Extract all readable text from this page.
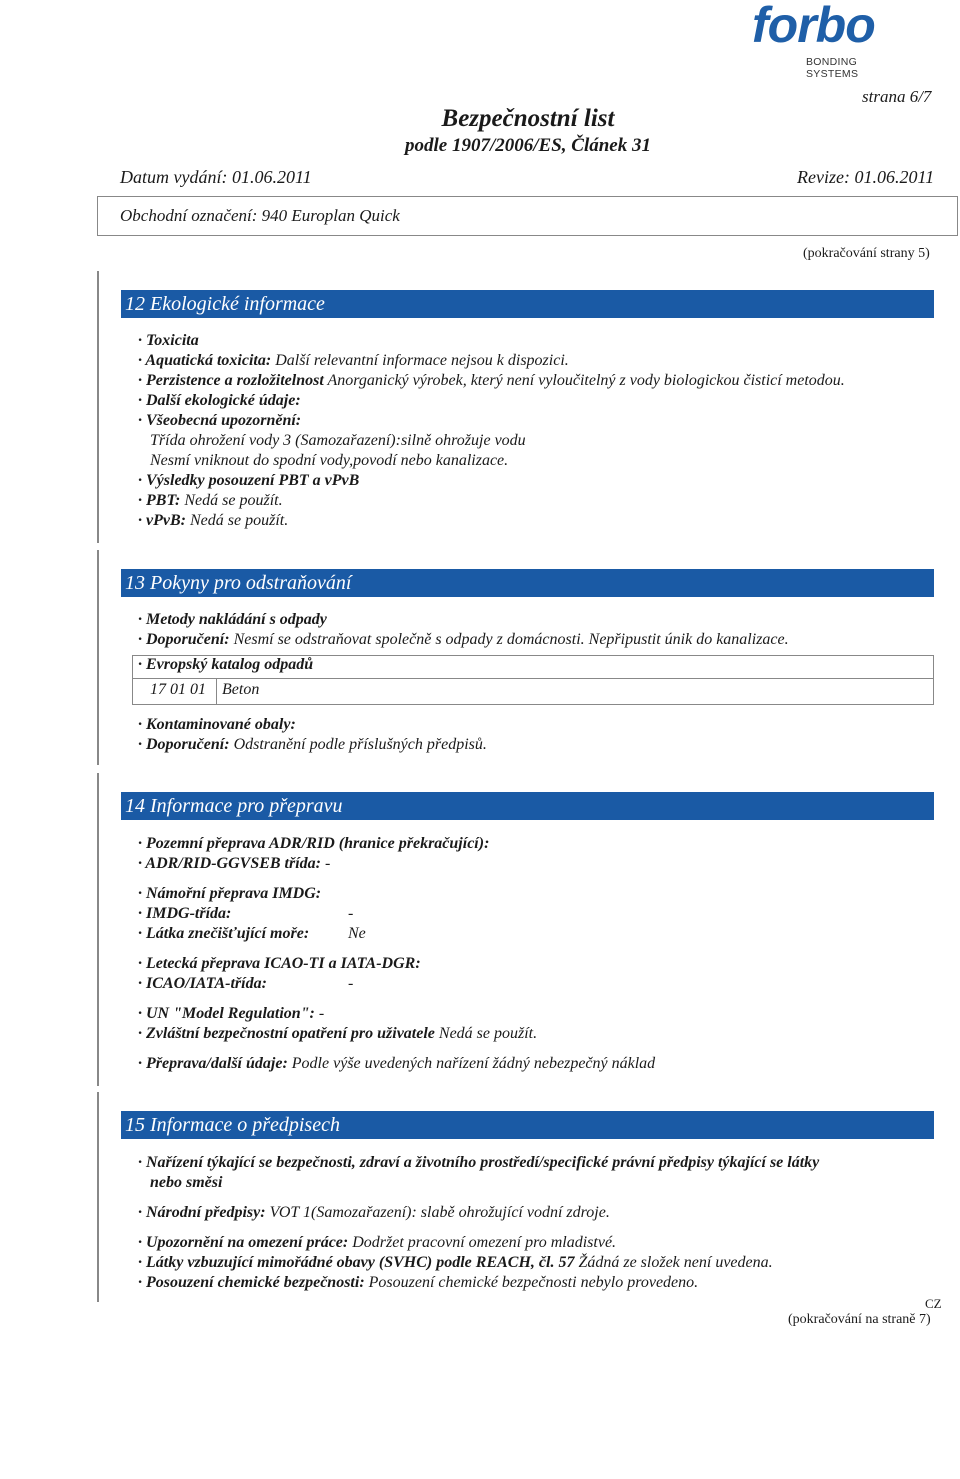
forbo
BONDING SYSTEMS
strana 6/7
Bezpečnostní list
podle 1907/2006/ES, Článek 31
Datum vydání: 01.06.2011	Revize: 01.06.2011
Obchodní označení: 940 Europlan Quick
(pokračování strany 5)
12 Ekologické informace
· Toxicita
· Aquatická toxicita: Další relevantní informace nejsou k dispozici.
· Perzistence a rozložitelnost Anorganický výrobek, který není vyloučitelný z vody biologickou čisticí metodou.
· Další ekologické údaje:
· Všeobecná upozornění:
Třída ohrožení vody 3 (Samozařazení):silně ohrožuje vodu
Nesmí vniknout do spodní vody,povodí nebo kanalizace.
· Výsledky posouzení PBT a vPvB
· PBT: Nedá se použít.
· vPvB: Nedá se použít.
13 Pokyny pro odstraňování
· Metody nakládání s odpady
· Doporučení: Nesmí se odstraňovat společně s odpady z domácnosti. Nepřipustit únik do kanalizace.
· Evropský katalog odpadů
17 01 01 Beton
· Kontaminované obaly:
· Doporučení: Odstranění podle příslušných předpisů.
14 Informace pro přepravu
· Pozemní přeprava ADR/RID (hranice překračující):
· ADR/RID-GGVSEB třída: -
· Námořní přeprava IMDG:
· IMDG-třída:	-
· Látka znečišťující moře: Ne
· Letecká přeprava ICAO-TI a IATA-DGR:
· ICAO/IATA-třída:	-
· UN "Model Regulation": -
· Zvláštní bezpečnostní opatření pro uživatele Nedá se použít.
· Přeprava/další údaje: Podle výše uvedených nařízení žádný nebezpečný náklad
15 Informace o předpisech
· Nařízení týkající se bezpečnosti, zdraví a životního prostředí/specifické právní předpisy týkající se látky
nebo směsi
· Národní předpisy: VOT 1(Samozařazení): slabě ohrožující vodní zdroje.
· Upozornění na omezení práce: Dodržet pracovní omezení pro mladistvé.
· Látky vzbuzující mimořádné obavy (SVHC) podle REACH, čl. 57 Žádná ze složek není uvedena.
· Posouzení chemické bezpečnosti: Posouzení chemické bezpečnosti nebylo provedeno.
CZ
(pokračování na straně 7)
